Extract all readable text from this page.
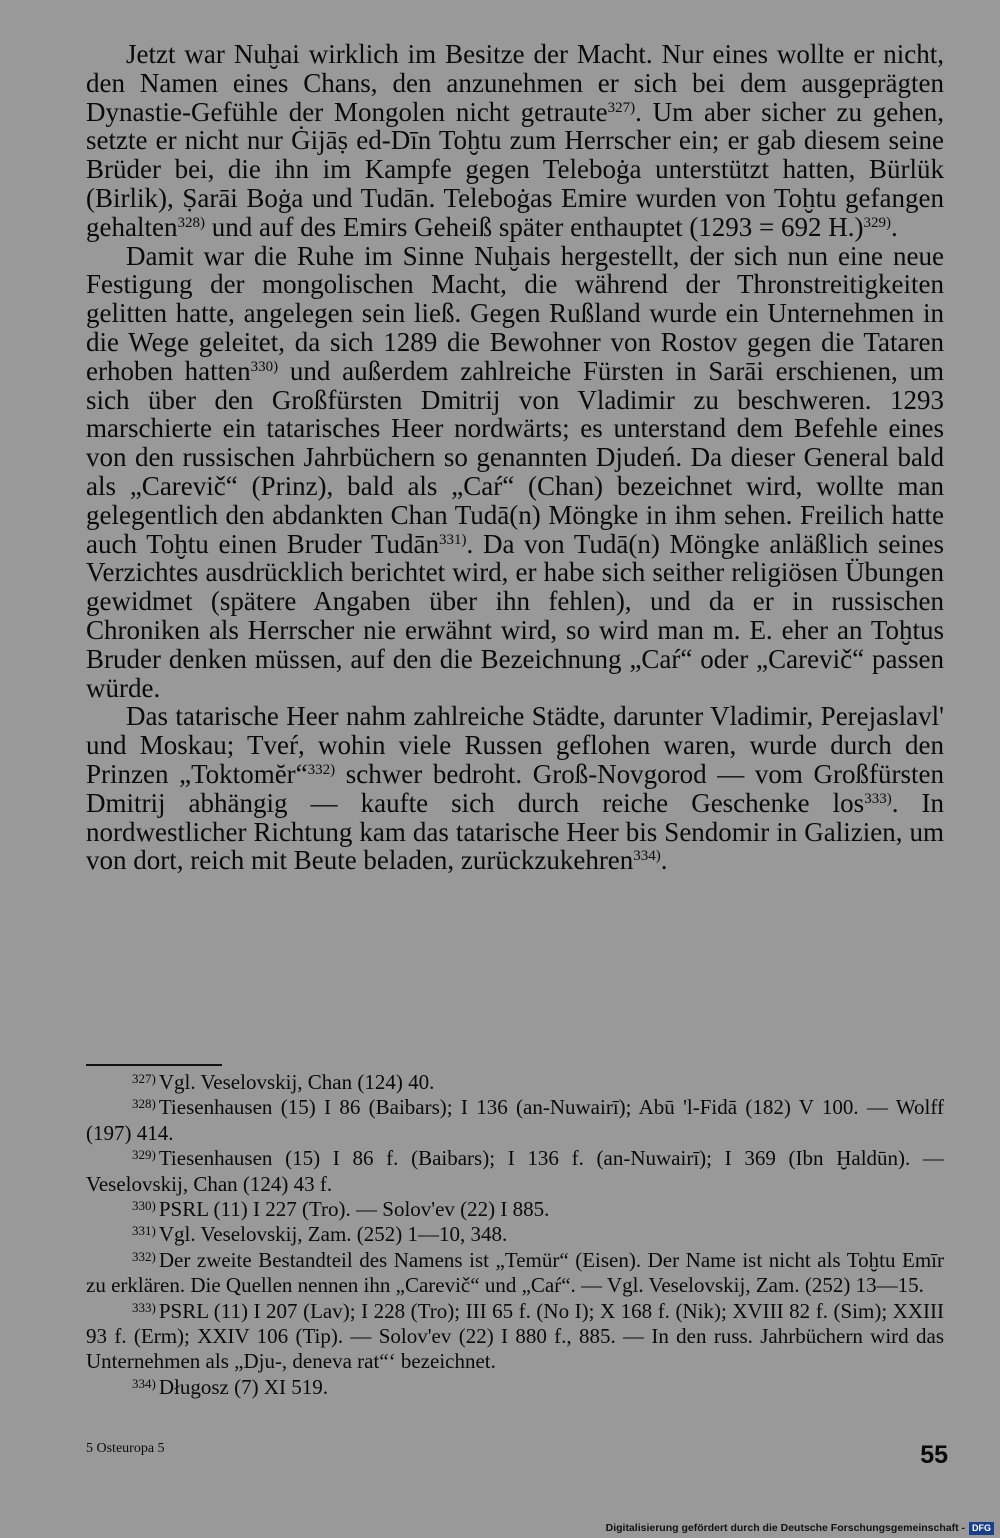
Jetzt war Nuḫai wirklich im Besitze der Macht. Nur eines wollte er nicht, den Namen eines Chans, den anzunehmen er sich bei dem ausgeprägten Dynastie-Gefühle der Mongolen nicht getraute$^{327)}$. Um aber sicher zu gehen, setzte er nicht nur Ġijāṣ ed-Dīn Toḫtu zum Herrscher ein; er gab diesem seine Brüder bei, die ihn im Kampfe gegen Teleboġa unterstützt hatten, Bürlük (Birlik), Ṣarāi Boġa und Tudān. Teleboġas Emire wurden von Toḫtu gefangen gehalten$^{328)}$ und auf des Emirs Geheiß später enthauptet (1293 = 692 H.)$^{329)}$.

Damit war die Ruhe im Sinne Nuḫais hergestellt, der sich nun eine neue Festigung der mongolischen Macht, die während der Thronstreitigkeiten gelitten hatte, angelegen sein ließ. Gegen Rußland wurde ein Unternehmen in die Wege geleitet, da sich 1289 die Bewohner von Rostov gegen die Tataren erhoben hatten$^{330)}$ und außerdem zahlreiche Fürsten in Sarāi erschienen, um sich über den Großfürsten Dmitrij von Vladimir zu beschweren. 1293 marschierte ein tatarisches Heer nordwärts; es unterstand dem Befehle eines von den russischen Jahrbüchern so genannten Djudeń. Da dieser General bald als „Carevič“ (Prinz), bald als „Caŕ“ (Chan) bezeichnet wird, wollte man gelegentlich den abdankten Chan Tudā(n) Möngke in ihm sehen. Freilich hatte auch Toḫtu einen Bruder Tudān$^{331)}$. Da von Tudā(n) Möngke anläßlich seines Verzichtes ausdrücklich berichtet wird, er habe sich seither religiösen Übungen gewidmet (spätere Angaben über ihn fehlen), und da er in russischen Chroniken als Herrscher nie erwähnt wird, so wird man m. E. eher an Toḫtus Bruder denken müssen, auf den die Bezeichnung „Caŕ“ oder „Carevič“ passen würde.

Das tatarische Heer nahm zahlreiche Städte, darunter Vladimir, Perejaslavl' und Moskau; Tveŕ, wohin viele Russen geflohen waren, wurde durch den Prinzen „Toktomĕr“$^{332)}$ schwer bedroht. Groß-Novgorod — vom Großfürsten Dmitrij abhängig — kaufte sich durch reiche Geschenke los$^{333)}$. In nordwestlicher Richtung kam das tatarische Heer bis Sendomir in Galizien, um von dort, reich mit Beute beladen, zurückzukehren$^{334)}$.

$^{327)}$ Vgl. Veselovskij, Chan (124) 40.
$^{328)}$ Tiesenhausen (15) I 86 (Baibars); I 136 (an-Nuwairī); Abū 'l-Fidā (182) V 100. — Wolff (197) 414.
$^{329)}$ Tiesenhausen (15) I 86 f. (Baibars); I 136 f. (an-Nuwairī); I 369 (Ibn Ḫaldūn). — Veselovskij, Chan (124) 43 f.
$^{330)}$ PSRL (11) I 227 (Tro). — Solov'ev (22) I 885.
$^{331)}$ Vgl. Veselovskij, Zam. (252) 1—10, 348.
$^{332)}$ Der zweite Bestandteil des Namens ist „Temür“ (Eisen). Der Name ist nicht als Toḫtu Emīr zu erklären. Die Quellen nennen ihn „Carevič“ und „Caŕ“. — Vgl. Veselovskij, Zam. (252) 13—15.
$^{333)}$ PSRL (11) I 207 (Lav); I 228 (Tro); III 65 f. (No I); X 168 f. (Nik); XVIII 82 f. (Sim); XXIII 93 f. (Erm); XXIV 106 (Tip). — Solov'ev (22) I 880 f., 885. — In den russ. Jahrbüchern wird das Unternehmen als „Dju-, deneva rat“‘ bezeichnet.
$^{334)}$ Długosz (7) XI 519.
5 Osteuropa 5	55
Digitalisierung gefördert durch die Deutsche Forschungsgemeinschaft - DFG
